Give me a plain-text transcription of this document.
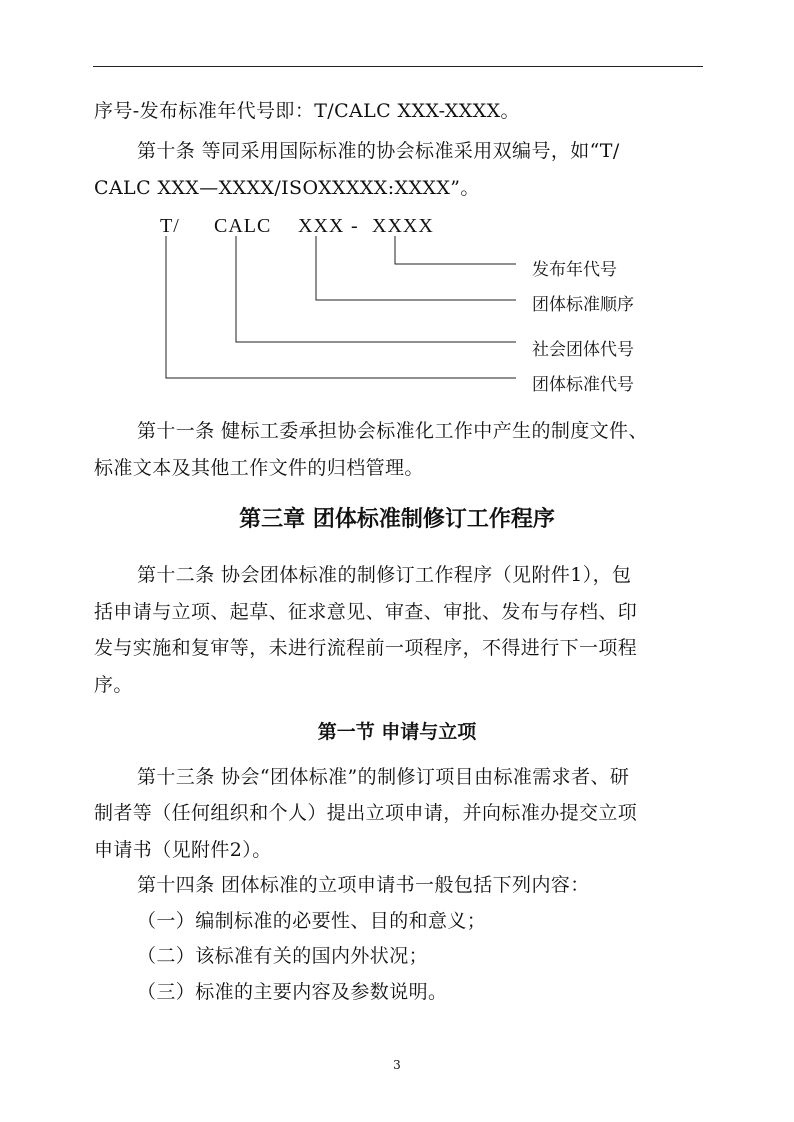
序号-发布标准年代号即：T/CALC XXX-XXXX。
第十条 等同采用国际标准的协会标准采用双编号，如“T/
CALC XXX—XXXX/ISOXXXXX:XXXX”。
T/ CALC XXX - XXXX
发布年代号
团体标准顺序
社会团体代号
团体标准代号
第十一条 健标工委承担协会标准化工作中产生的制度文件、
标准文本及其他工作文件的归档管理。
第三章 团体标准制修订工作程序
第十二条 协会团体标准的制修订工作程序（见附件1），包
括申请与立项、起草、征求意见、审查、审批、发布与存档、印
发与实施和复审等，未进行流程前一项程序，不得进行下一项程
序。
第一节 申请与立项
第十三条 协会“团体标准”的制修订项目由标准需求者、研
制者等（任何组织和个人）提出立项申请，并向标准办提交立项
申请书（见附件2）。
第十四条 团体标准的立项申请书一般包括下列内容：
（一）编制标准的必要性、目的和意义；
（二）该标准有关的国内外状况；
（三）标准的主要内容及参数说明。
3
